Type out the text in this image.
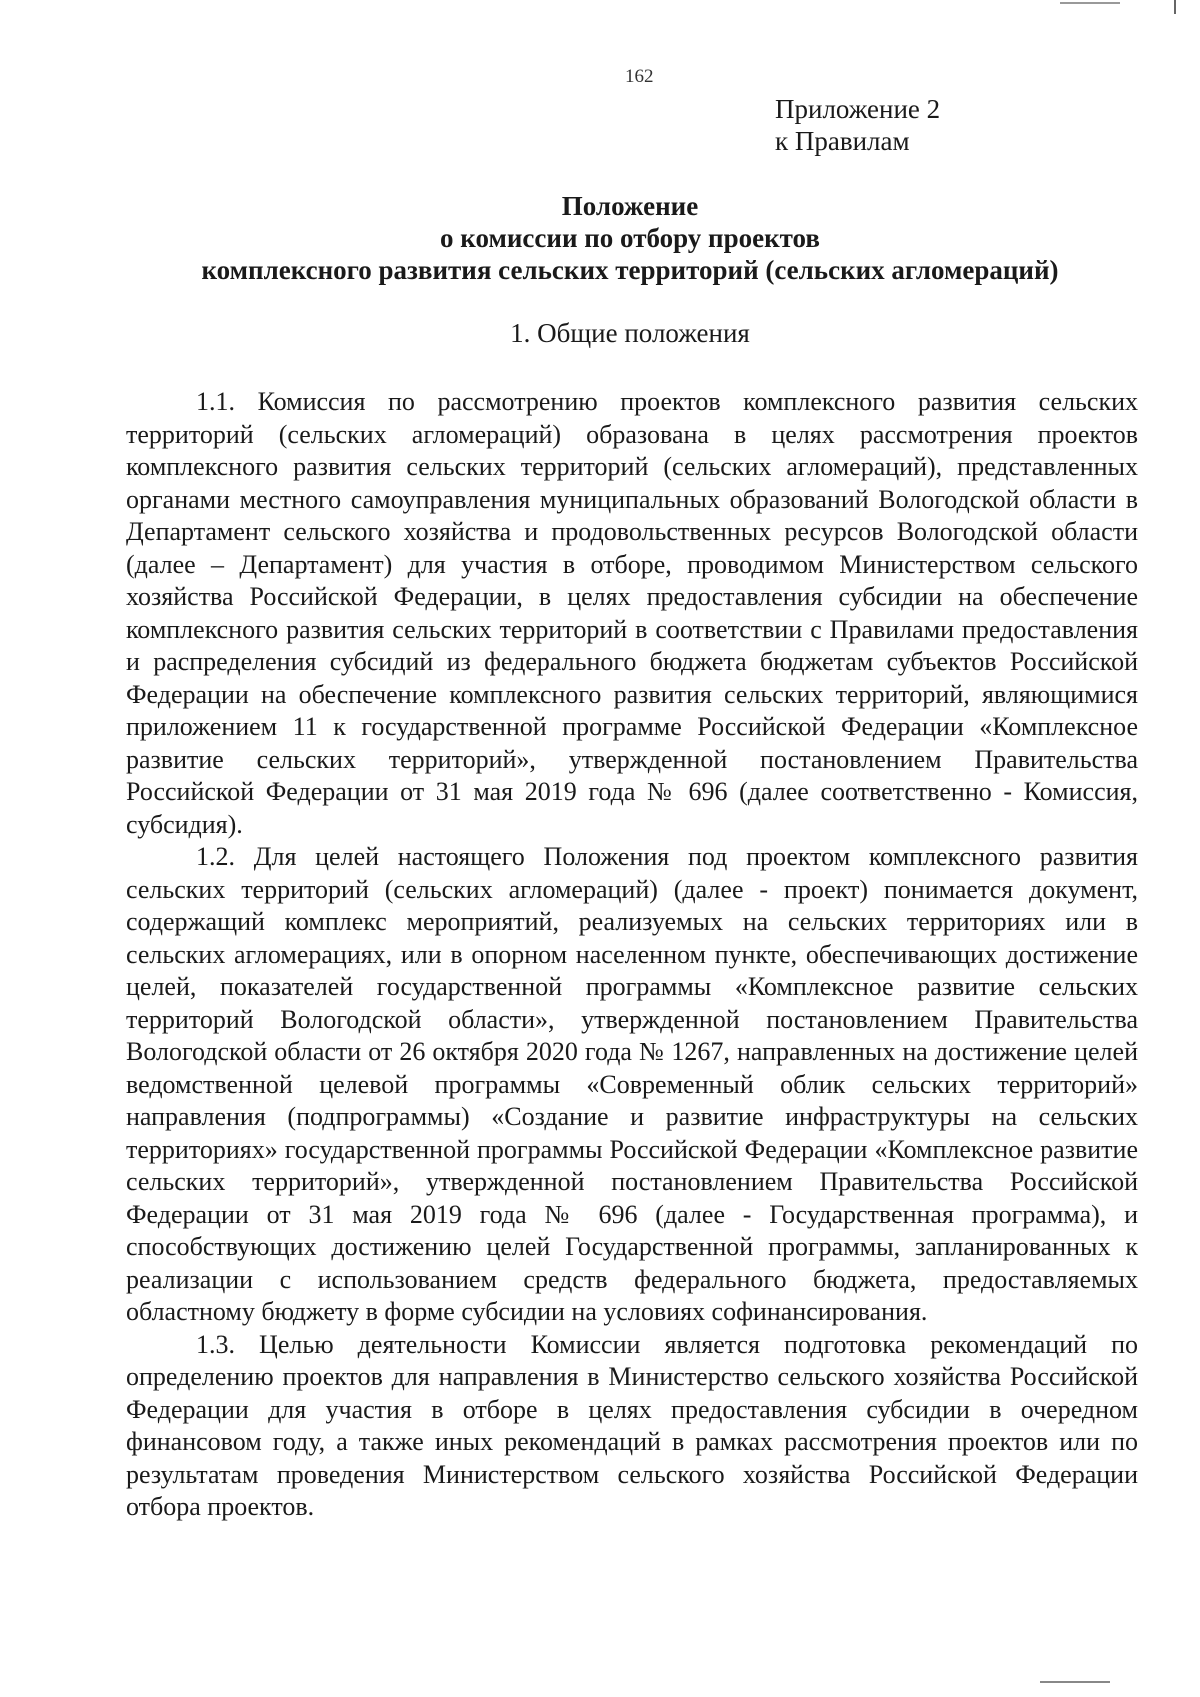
162
Приложение 2
к Правилам
Положение
о комиссии по отбору проектов
комплексного развития сельских территорий (сельских агломераций)
1. Общие положения

1.1. Комиссия по рассмотрению проектов комплексного развития сельских территорий (сельских агломераций) образована в целях рассмотрения проектов комплексного развития сельских территорий (сельских агломераций), представленных органами местного самоуправления муниципальных образований Вологодской области в Департамент сельского хозяйства и продовольственных ресурсов Вологодской области (далее – Департамент) для участия в отборе, проводимом Министерством сельского хозяйства Российской Федерации, в целях предоставления субсидии на обеспечение комплексного развития сельских территорий в соответствии с Правилами предоставления и распределения субсидий из федерального бюджета бюджетам субъектов Российской Федерации на обеспечение комплексного развития сельских территорий, являющимися приложением 11 к государственной программе Российской Федерации «Комплексное развитие сельских территорий», утвержденной постановлением Правительства Российской Федерации от 31 мая 2019 года № 696 (далее соответственно - Комиссия, субсидия).

1.2. Для целей настоящего Положения под проектом комплексного развития сельских территорий (сельских агломераций) (далее - проект) понимается документ, содержащий комплекс мероприятий, реализуемых на сельских территориях или в сельских агломерациях, или в опорном населенном пункте, обеспечивающих достижение целей, показателей государственной программы «Комплексное развитие сельских территорий Вологодской области», утвержденной постановлением Правительства Вологодской области от 26 октября 2020 года № 1267, направленных на достижение целей ведомственной целевой программы «Современный облик сельских территорий» направления (подпрограммы) «Создание и развитие инфраструктуры на сельских территориях» государственной программы Российской Федерации «Комплексное развитие сельских территорий», утвержденной постановлением Правительства Российской Федерации от 31 мая 2019 года № 696 (далее - Государственная программа), и способствующих достижению целей Государственной программы, запланированных к реализации с использованием средств федерального бюджета, предоставляемых областному бюджету в форме субсидии на условиях софинансирования.

1.3. Целью деятельности Комиссии является подготовка рекомендаций по определению проектов для направления в Министерство сельского хозяйства Российской Федерации для участия в отборе в целях предоставления субсидии в очередном финансовом году, а также иных рекомендаций в рамках рассмотрения проектов или по результатам проведения Министерством сельского хозяйства Российской Федерации отбора проектов.
